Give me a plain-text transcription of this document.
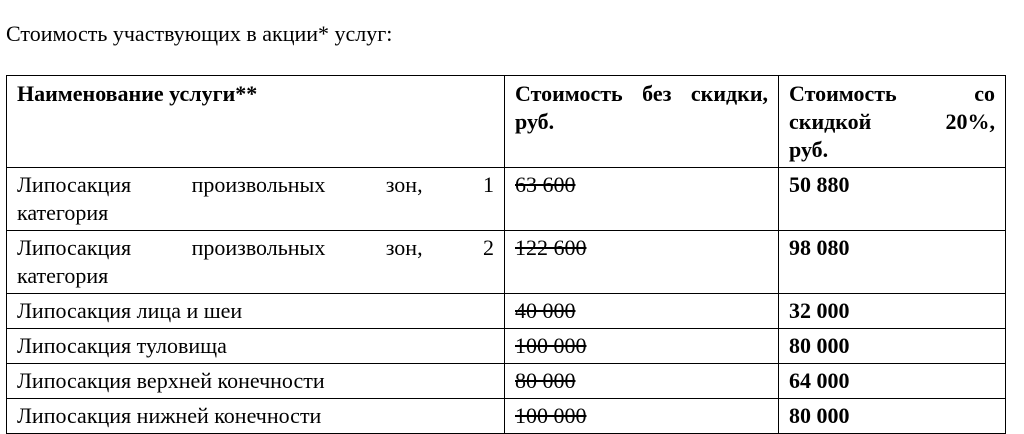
Стоимость участвующих в акции* услуг:
Наименование услуги**	Стоимость без скидки, руб.	Стоимость со
скидкой 20%,
руб.

Липосакция произвольных зон, 1
категория	63 600	50 880

Липосакция произвольных зон, 2
категория	122 600	98 080

Липосакция лица и шеи	40 000	32 000

Липосакция туловища	100 000	80 000

Липосакция верхней конечности	80 000	64 000

Липосакция нижней конечности	100 000	80 000
